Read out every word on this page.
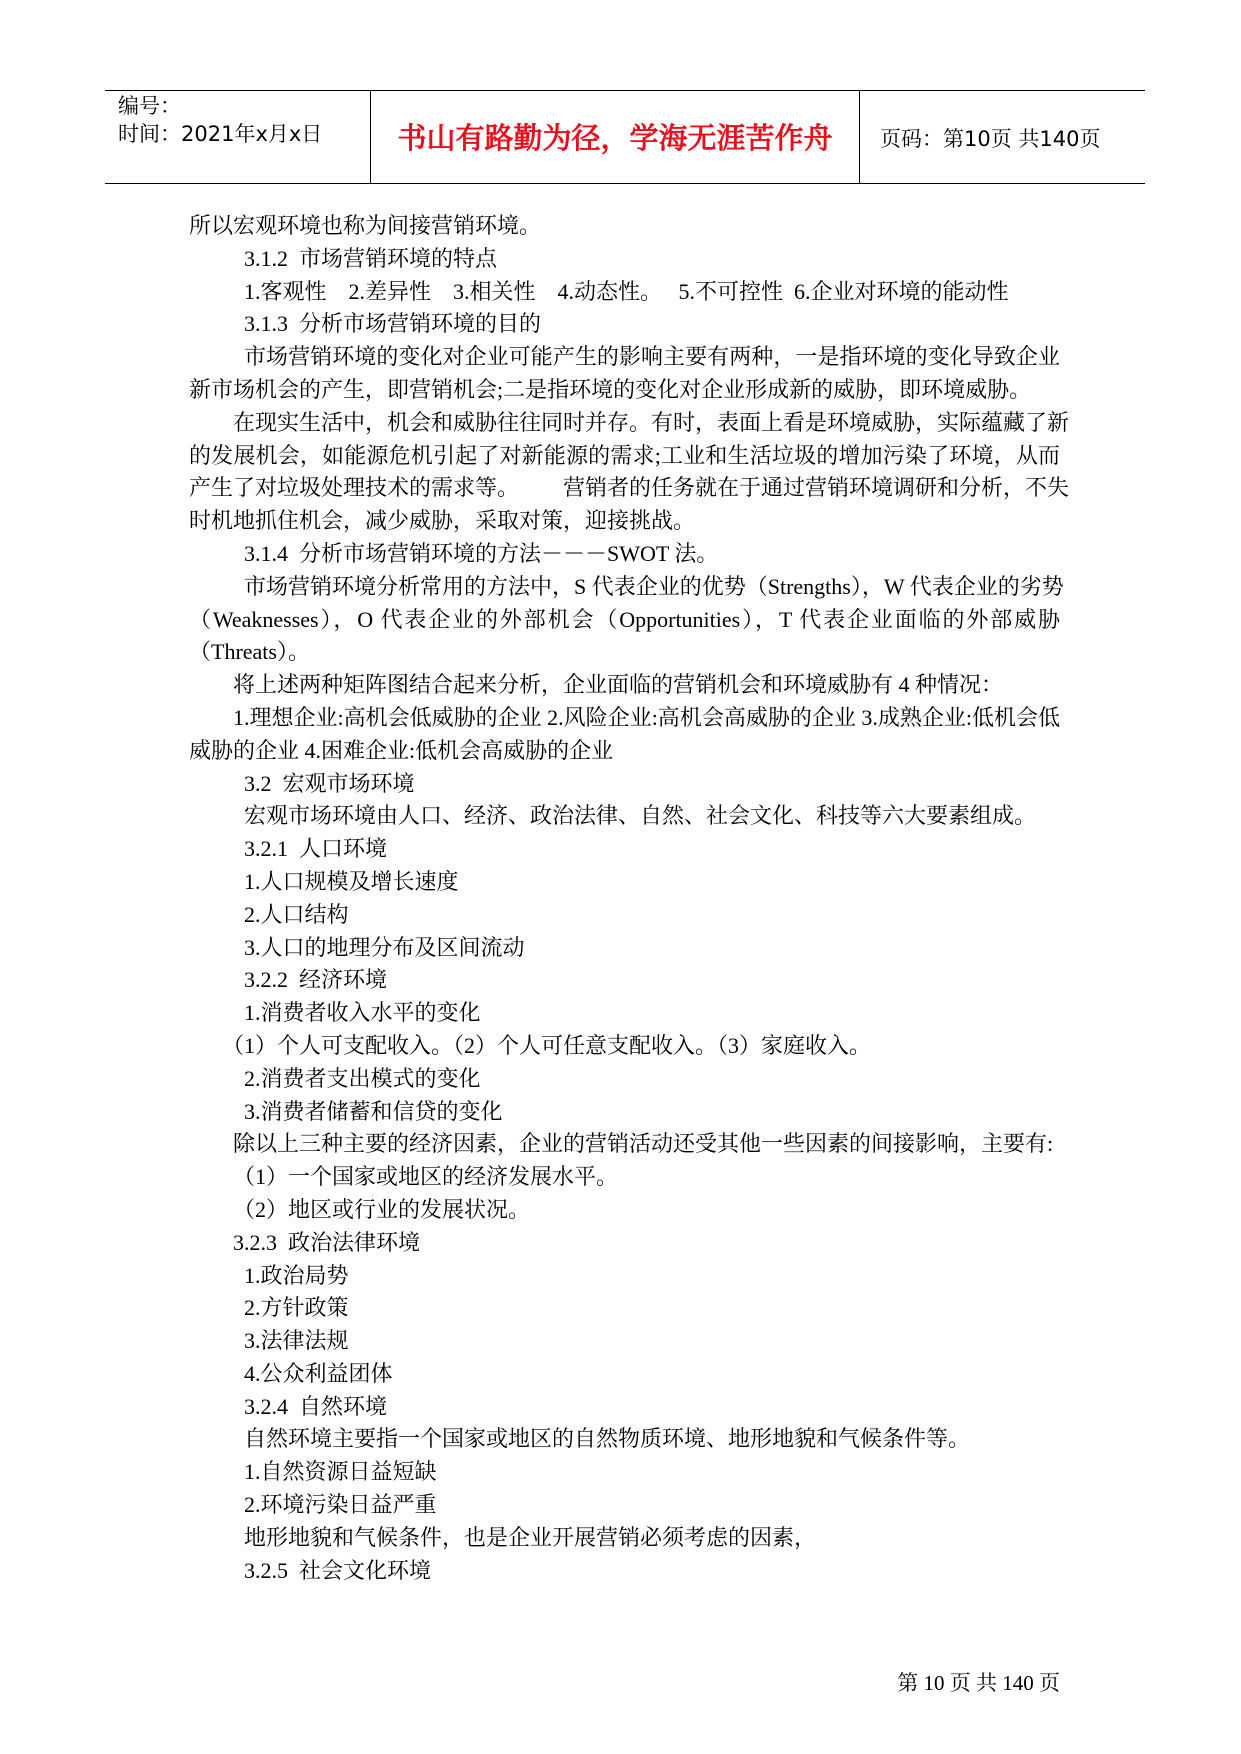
编号：
时间：2021年x月x日	书山有路勤为径，学海无涯苦作舟 页码：第10页 共140页
所以宏观环境也称为间接营销环境。
3.1.2  市场营销环境的特点
1.客观性    2.差异性    3.相关性    4.动态性。   5.不可控性  6.企业对环境的能动性
3.1.3  分析市场营销环境的目的
市场营销环境的变化对企业可能产生的影响主要有两种，一是指环境的变化导致企业
新市场机会的产生，即营销机会;二是指环境的变化对企业形成新的威胁，即环境威胁。
在现实生活中，机会和威胁往往同时并存。有时，表面上看是环境威胁，实际蕴藏了新
的发展机会，如能源危机引起了对新能源的需求;工业和生活垃圾的增加污染了环境，从而
产生了对垃圾处理技术的需求等。        营销者的任务就在于通过营销环境调研和分析，不失
时机地抓住机会，减少威胁，采取对策，迎接挑战。
3.1.4  分析市场营销环境的方法－－－SWOT 法。
市场营销环境分析常用的方法中，S 代表企业的优势（Strengths），W 代表企业的劣势
（Weaknesses），O 代表企业的外部机会（Opportunities），T 代表企业面临的外部威胁
（Threats）。
将上述两种矩阵图结合起来分析，企业面临的营销机会和环境威胁有 4 种情况：
1.理想企业:高机会低威胁的企业 2.风险企业:高机会高威胁的企业 3.成熟企业:低机会低
威胁的企业 4.困难企业:低机会高威胁的企业
3.2  宏观市场环境
宏观市场环境由人口、经济、政治法律、自然、社会文化、科技等六大要素组成。
3.2.1  人口环境
1.人口规模及增长速度
2.人口结构
3.人口的地理分布及区间流动
3.2.2  经济环境
1.消费者收入水平的变化
（1）个人可支配收入。（2）个人可任意支配收入。（3）家庭收入。
2.消费者支出模式的变化
3.消费者储蓄和信贷的变化
除以上三种主要的经济因素，企业的营销活动还受其他一些因素的间接影响，主要有:
（1）一个国家或地区的经济发展水平。
（2）地区或行业的发展状况。
3.2.3  政治法律环境
1.政治局势
2.方针政策
3.法律法规
4.公众利益团体
3.2.4  自然环境
自然环境主要指一个国家或地区的自然物质环境、地形地貌和气候条件等。
1.自然资源日益短缺
2.环境污染日益严重
地形地貌和气候条件，也是企业开展营销必须考虑的因素，
3.2.5  社会文化环境

第 10 页 共 140 页
